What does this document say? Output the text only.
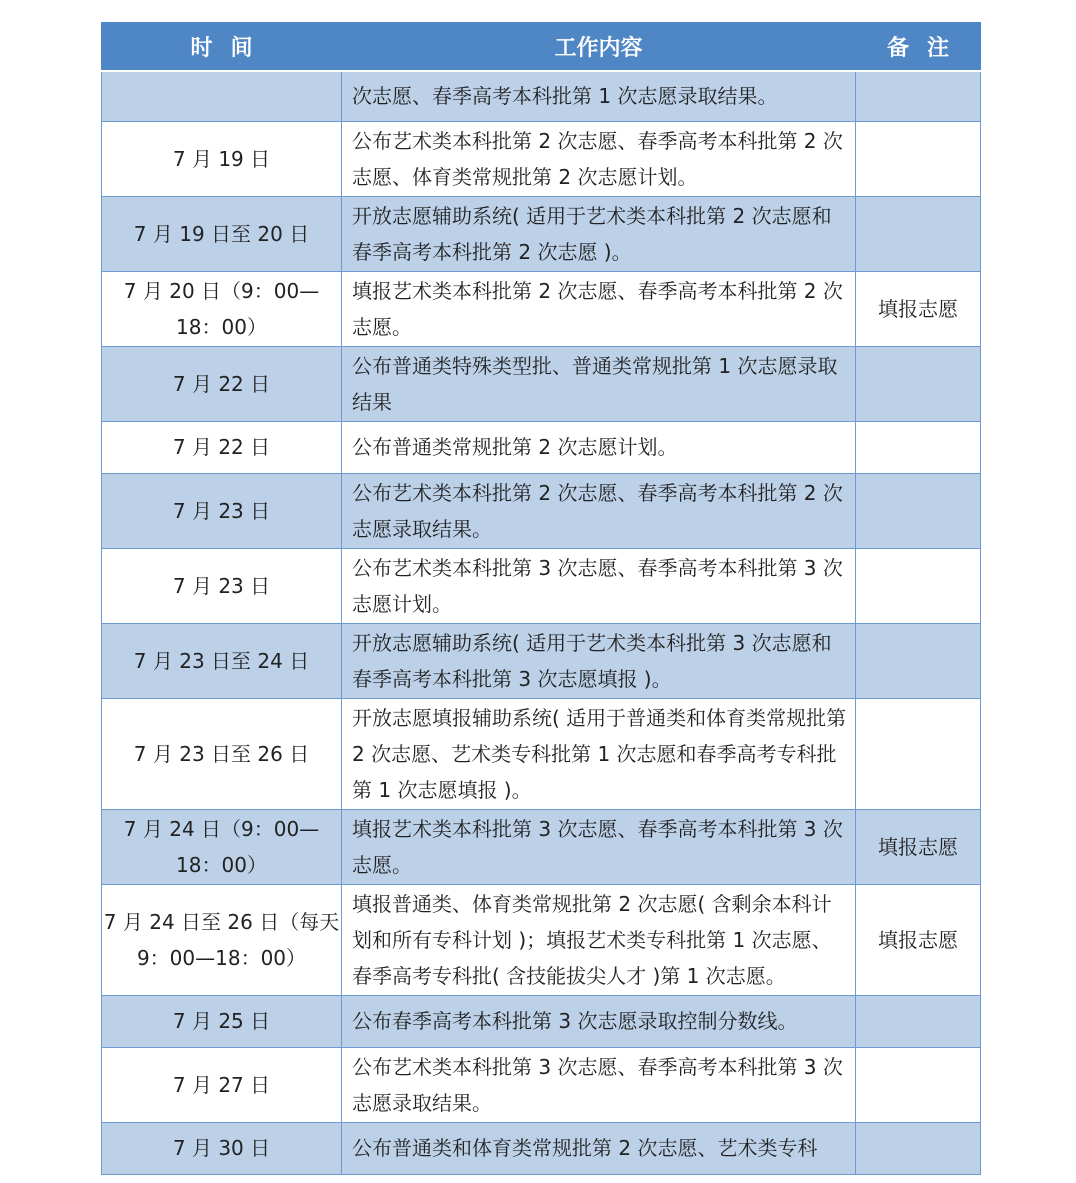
时间	工作内容	备注
	次志愿、春季高考本科批第 1 次志愿录取结果。	
7 月 19 日	公布艺术类本科批第 2 次志愿、春季高考本科批第 2 次志愿、体育类常规批第 2 次志愿计划。	
7 月 19 日至 20 日	开放志愿辅助系统( 适用于艺术类本科批第 2 次志愿和春季高考本科批第 2 次志愿 )。	
7 月 20 日（9：00—18：00）	填报艺术类本科批第 2 次志愿、春季高考本科批第 2 次志愿。	填报志愿
7 月 22 日	公布普通类特殊类型批、普通类常规批第 1 次志愿录取结果	
7 月 22 日	公布普通类常规批第 2 次志愿计划。	
7 月 23 日	公布艺术类本科批第 2 次志愿、春季高考本科批第 2 次志愿录取结果。	
7 月 23 日	公布艺术类本科批第 3 次志愿、春季高考本科批第 3 次志愿计划。	
7 月 23 日至 24 日	开放志愿辅助系统( 适用于艺术类本科批第 3 次志愿和春季高考本科批第 3 次志愿填报 )。	
7 月 23 日至 26 日	开放志愿填报辅助系统( 适用于普通类和体育类常规批第 2 次志愿、艺术类专科批第 1 次志愿和春季高考专科批第 1 次志愿填报 )。	
7 月 24 日（9：00—18：00）	填报艺术类本科批第 3 次志愿、春季高考本科批第 3 次志愿。	填报志愿
7 月 24 日至 26 日（每天 9：00—18：00）	填报普通类、体育类常规批第 2 次志愿( 含剩余本科计划和所有专科计划 )；填报艺术类专科批第 1 次志愿、春季高考专科批( 含技能拔尖人才 )第 1 次志愿。	填报志愿
7 月 25 日	公布春季高考本科批第 3 次志愿录取控制分数线。	
7 月 27 日	公布艺术类本科批第 3 次志愿、春季高考本科批第 3 次志愿录取结果。	
7 月 30 日	公布普通类和体育类常规批第 2 次志愿、艺术类专科	
